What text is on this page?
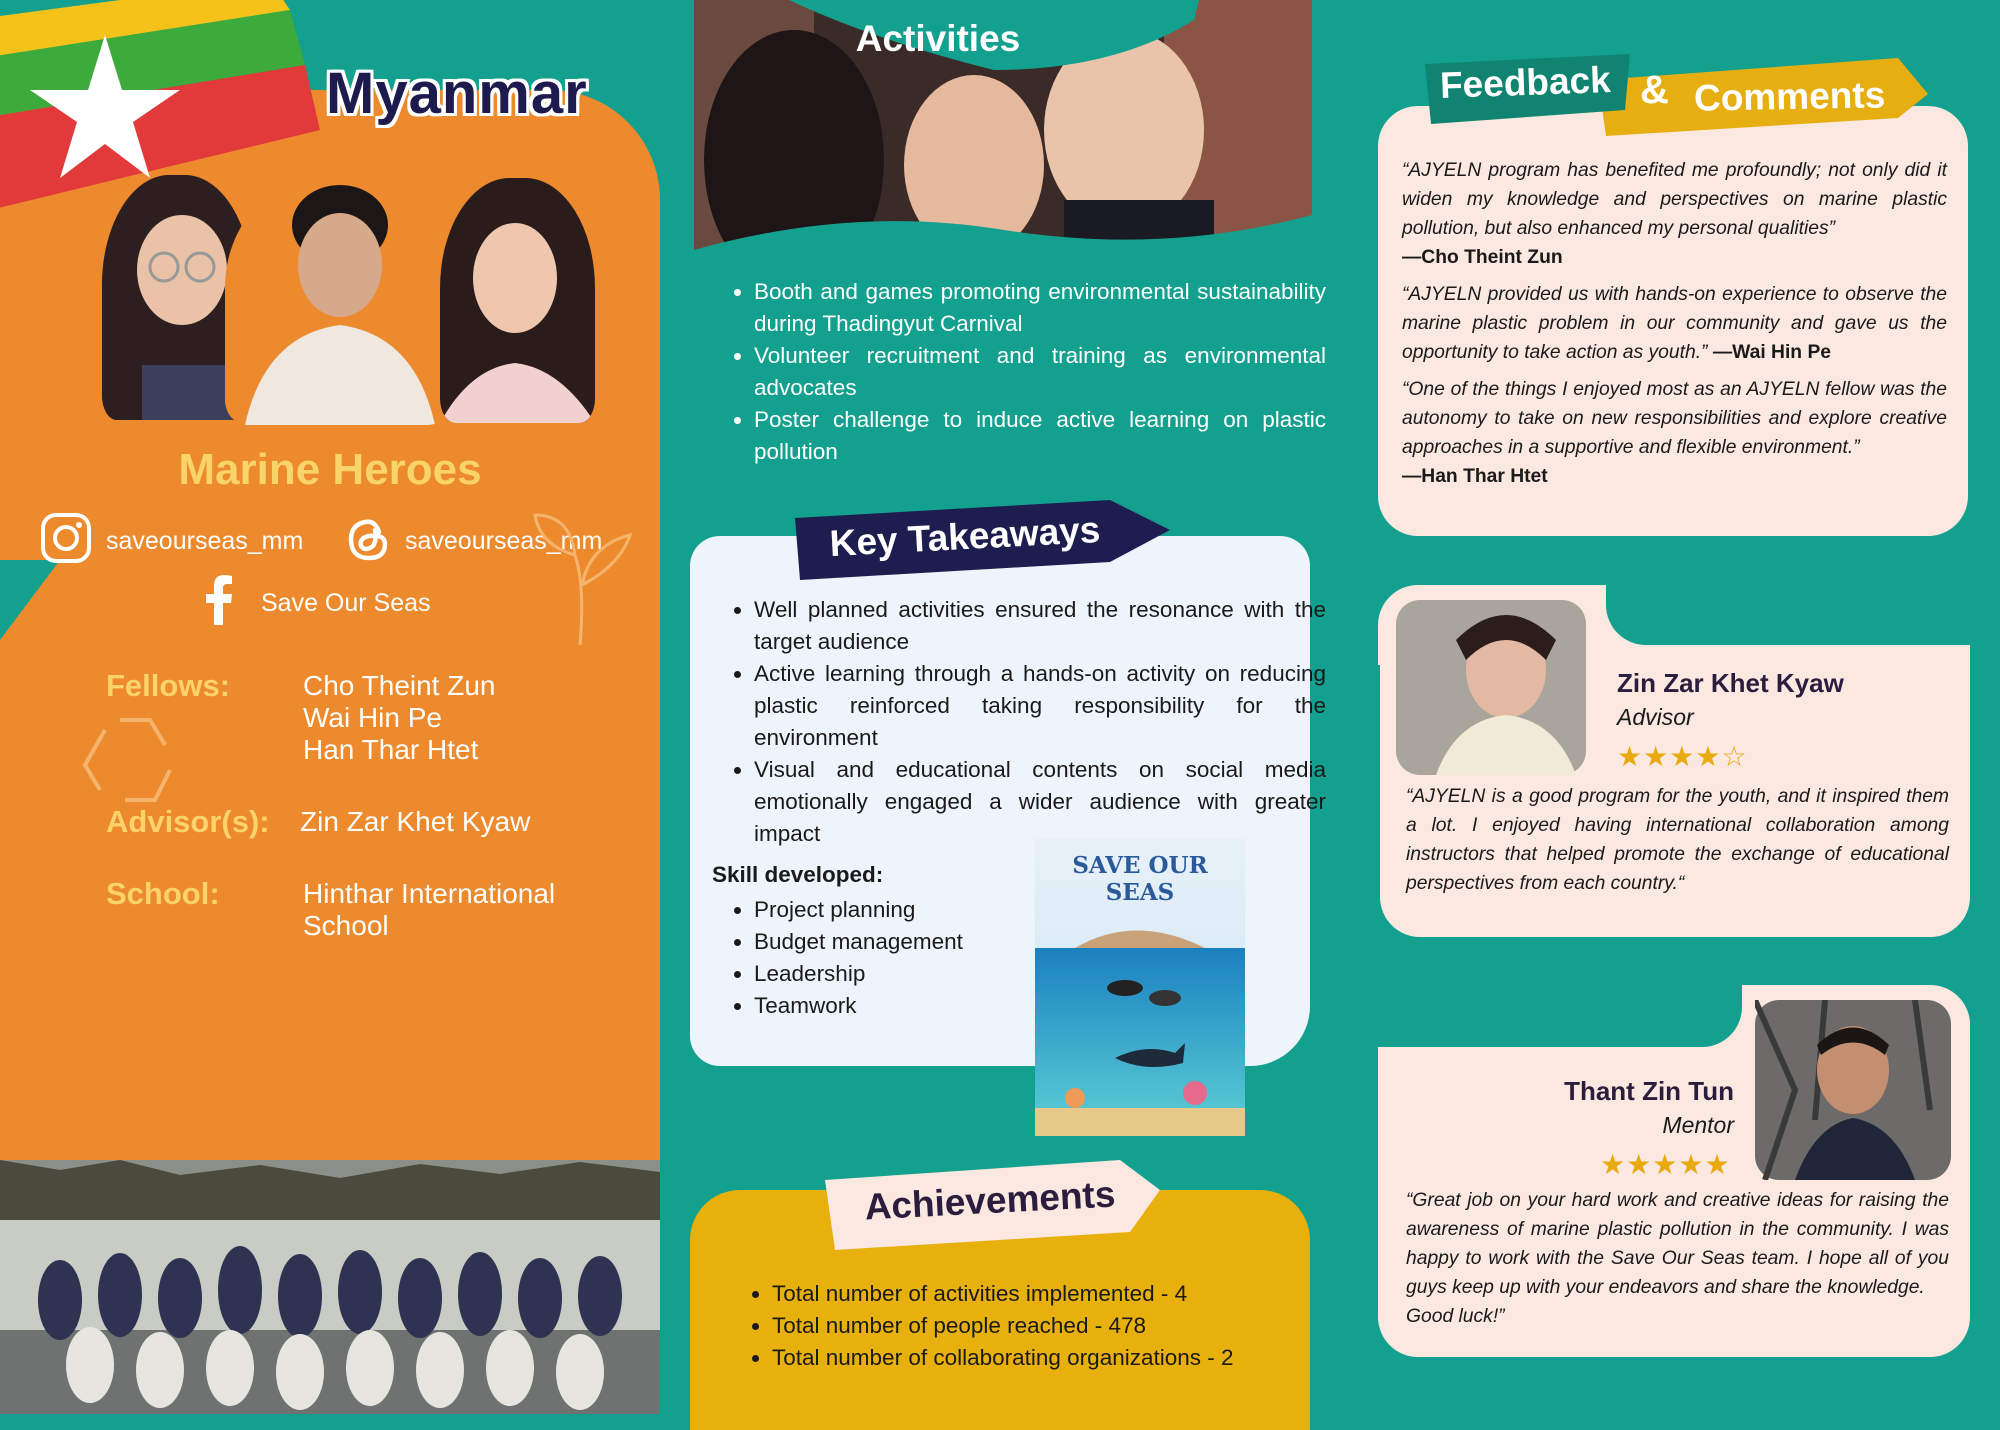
Myanmar
Marine Heroes
saveourseas_mm	saveourseas_mm
Save Our Seas
Fellows:	Cho Theint Zun
Wai Hin Pe
Han Thar Htet
Advisor(s): Zin Zar Khet Kyaw
School:	Hinthar International
School
Activities
• Booth and games promoting environmental sustainability during Thadingyut Carnival
• Volunteer recruitment and training as environmental advocates
• Poster challenge to induce active learning on plastic pollution
Key Takeaways
• Well planned activities ensured the resonance with the target audience
• Active learning through a hands-on activity on reducing plastic reinforced taking responsibility for the environment
• Visual and educational contents on social media emotionally engaged a wider audience with greater impact
Skill developed:
• Project planning
• Budget management
• Leadership
• Teamwork
SAVE OUR SEAS
Achievements
• Total number of activities implemented - 4
• Total number of people reached - 478
• Total number of collaborating organizations - 2
Feedback & Comments
“AJYELN program has benefited me profoundly; not only did it widen my knowledge and perspectives on marine plastic pollution, but also enhanced my personal qualities”
—Cho Theint Zun
“AJYELN provided us with hands-on experience to observe the marine plastic problem in our community and gave us the opportunity to take action as youth.” —Wai Hin Pe
“One of the things I enjoyed most as an AJYELN fellow was the autonomy to take on new responsibilities and explore creative approaches in a supportive and flexible environment.”
—Han Thar Htet
Zin Zar Khet Kyaw
Advisor
★★★★☆
“AJYELN is a good program for the youth, and it inspired them a lot. I enjoyed having international collaboration among instructors that helped promote the exchange of educational perspectives from each country.“
Thant Zin Tun
Mentor
★★★★★
“Great job on your hard work and creative ideas for raising the awareness of marine plastic pollution in the community. I was happy to work with the Save Our Seas team. I hope all of you guys keep up with your endeavors and share the knowledge.
Good luck!”
